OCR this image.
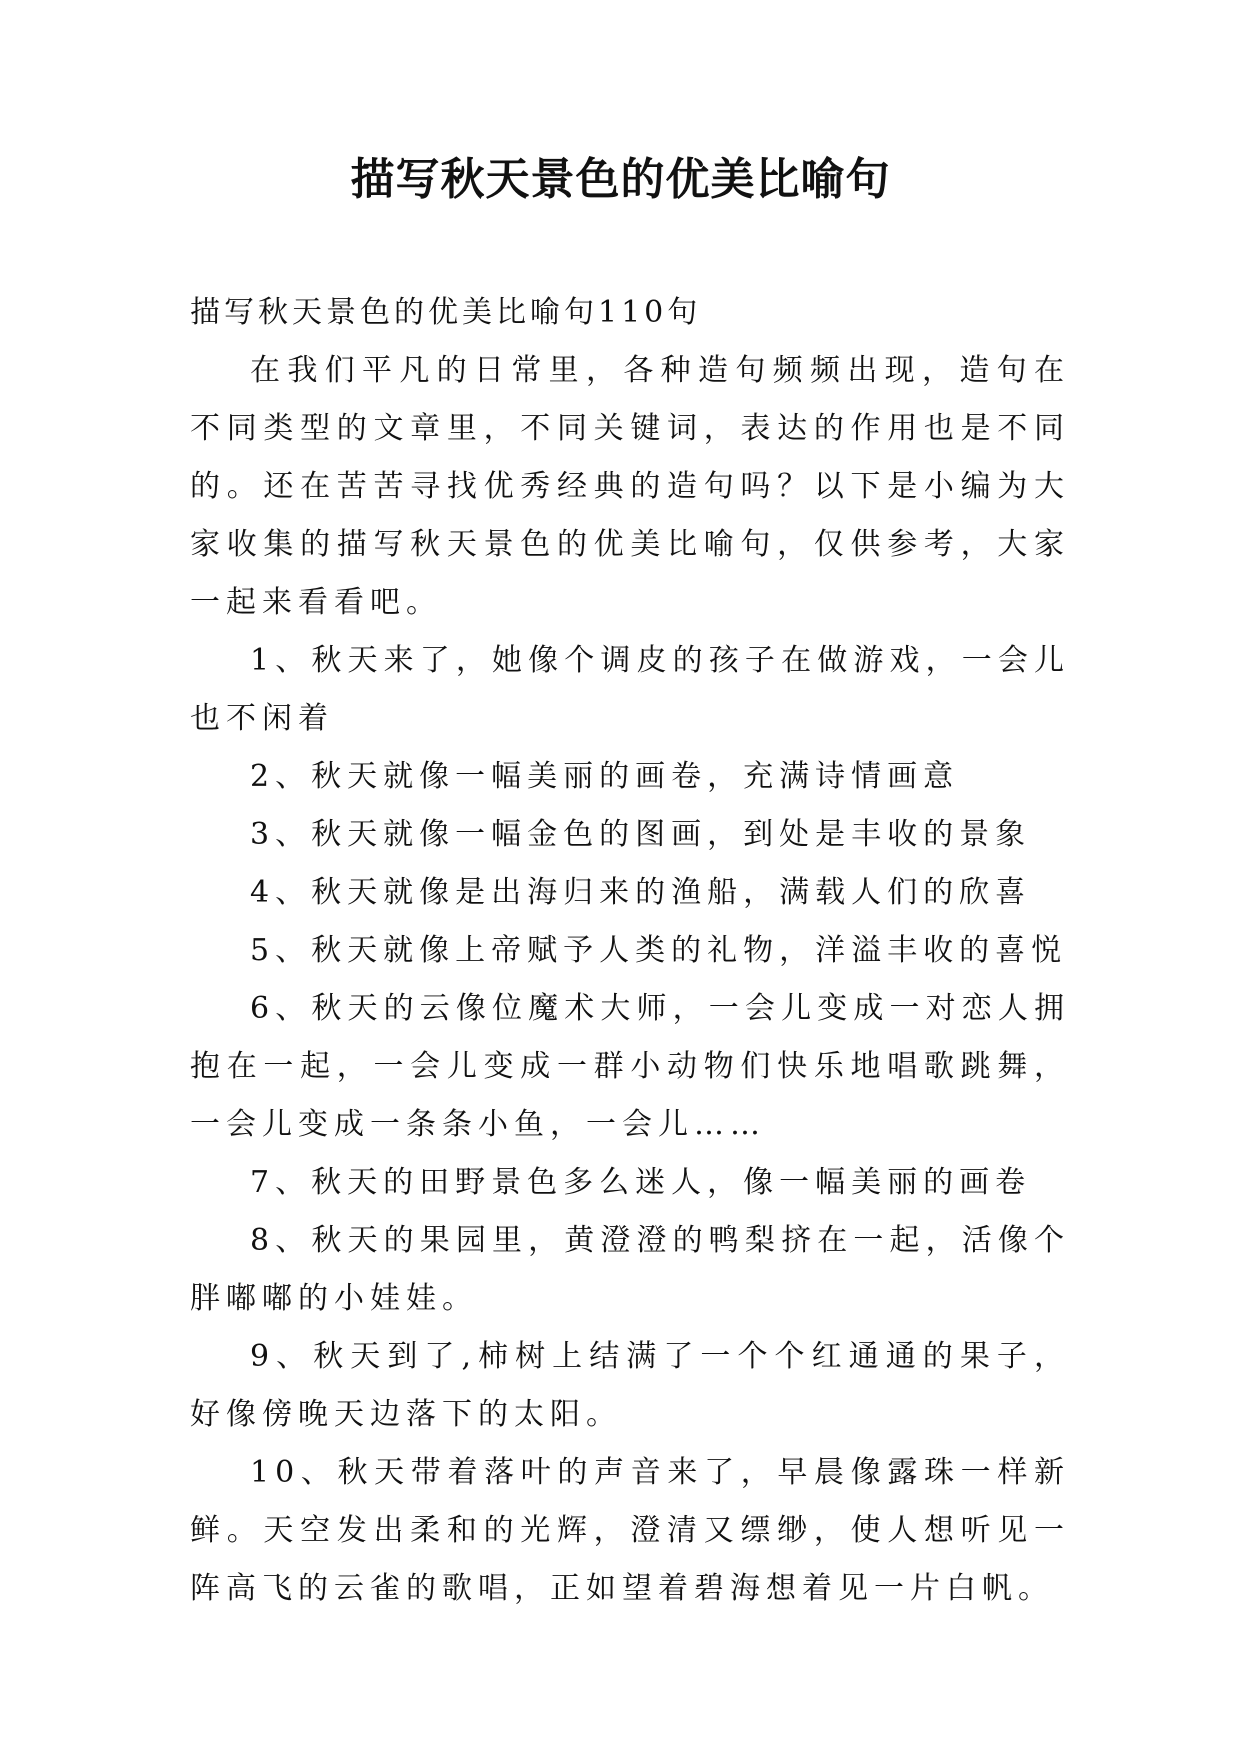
描写秋天景色的优美比喻句

描写秋天景色的优美比喻句110句

在我们平凡的日常里，各种造句频频出现，造句在不同类型的文章里，不同关键词，表达的作用也是不同的。还在苦苦寻找优秀经典的造句吗？以下是小编为大家收集的描写秋天景色的优美比喻句，仅供参考，大家一起来看看吧。

1、秋天来了，她像个调皮的孩子在做游戏，一会儿也不闲着

2、秋天就像一幅美丽的画卷，充满诗情画意

3、秋天就像一幅金色的图画，到处是丰收的景象

4、秋天就像是出海归来的渔船，满载人们的欣喜

5、秋天就像上帝赋予人类的礼物，洋溢丰收的喜悦

6、秋天的云像位魔术大师，一会儿变成一对恋人拥抱在一起，一会儿变成一群小动物们快乐地唱歌跳舞，一会儿变成一条条小鱼，一会儿……

7、秋天的田野景色多么迷人，像一幅美丽的画卷

8、秋天的果园里，黄澄澄的鸭梨挤在一起，活像个胖嘟嘟的小娃娃。

9、秋天到了,柿树上结满了一个个红通通的果子，好像傍晚天边落下的太阳。

10、秋天带着落叶的声音来了，早晨像露珠一样新鲜。天空发出柔和的光辉，澄清又缥缈，使人想听见一阵高飞的云雀的歌唱，正如望着碧海想着见一片白帆。
